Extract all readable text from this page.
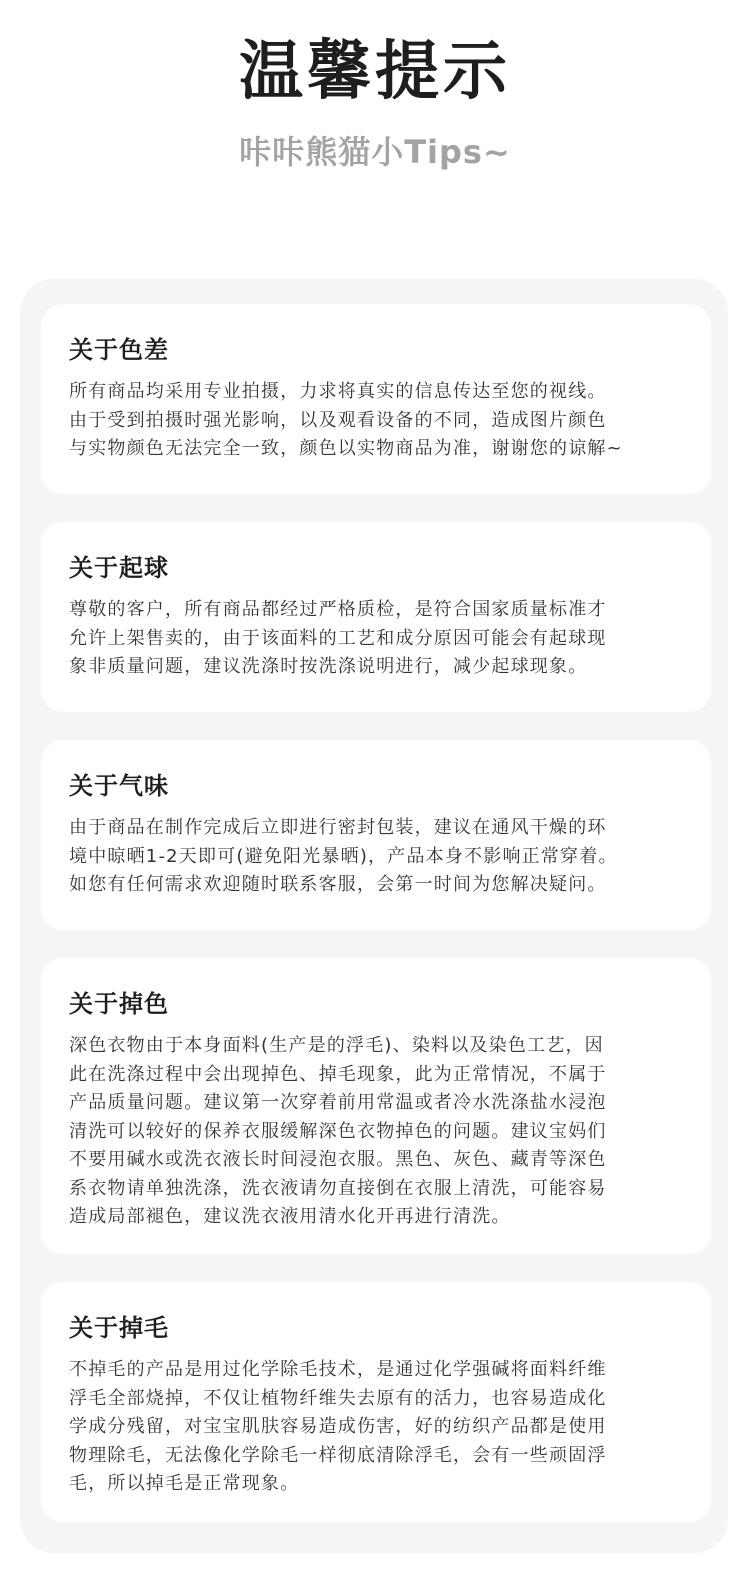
温馨提示
咔咔熊猫小Tips~
关于色差
所有商品均采用专业拍摄，力求将真实的信息传达至您的视线。
由于受到拍摄时强光影响，以及观看设备的不同，造成图片颜色
与实物颜色无法完全一致，颜色以实物商品为准，谢谢您的谅解~
关于起球
尊敬的客户，所有商品都经过严格质检，是符合国家质量标准才
允许上架售卖的，由于该面料的工艺和成分原因可能会有起球现
象非质量问题，建议洗涤时按洗涤说明进行，减少起球现象。
关于气味
由于商品在制作完成后立即进行密封包装，建议在通风干燥的环
境中晾晒1-2天即可(避免阳光暴晒)，产品本身不影响正常穿着。
如您有任何需求欢迎随时联系客服，会第一时间为您解决疑问。
关于掉色
深色衣物由于本身面料(生产是的浮毛)、染料以及染色工艺，因
此在洗涤过程中会出现掉色、掉毛现象，此为正常情况，不属于
产品质量问题。建议第一次穿着前用常温或者冷水洗涤盐水浸泡
清洗可以较好的保养衣服缓解深色衣物掉色的问题。建议宝妈们
不要用碱水或洗衣液长时间浸泡衣服。黑色、灰色、藏青等深色
系衣物请单独洗涤，洗衣液请勿直接倒在衣服上清洗，可能容易
造成局部褪色，建议洗衣液用清水化开再进行清洗。
关于掉毛
不掉毛的产品是用过化学除毛技术，是通过化学强碱将面料纤维
浮毛全部烧掉，不仅让植物纤维失去原有的活力，也容易造成化
学成分残留，对宝宝肌肤容易造成伤害，好的纺织产品都是使用
物理除毛，无法像化学除毛一样彻底清除浮毛，会有一些顽固浮
毛，所以掉毛是正常现象。
